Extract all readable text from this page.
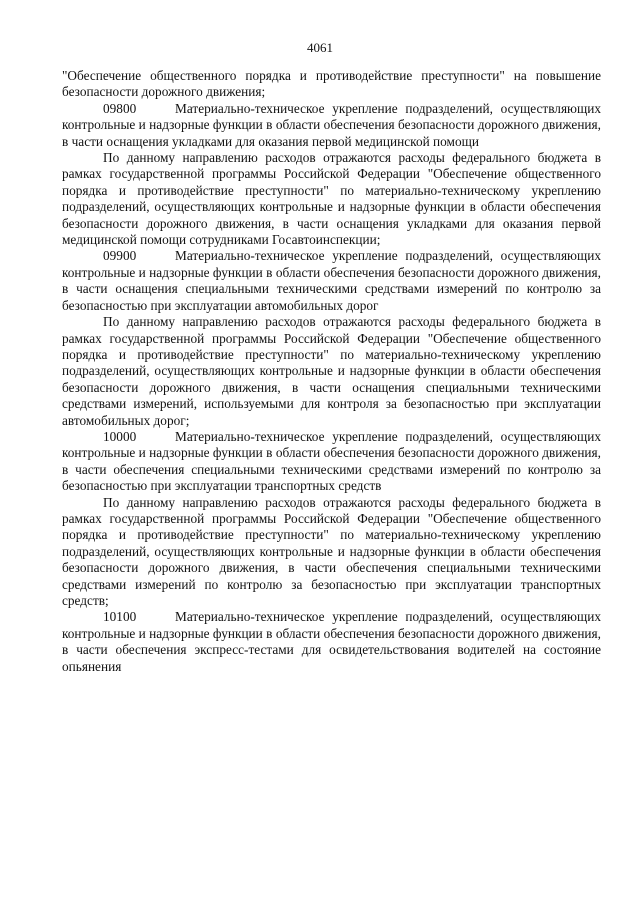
4061

"Обеспечение общественного порядка и противодействие преступности" на повышение безопасности дорожного движения;

09800	Материально-техническое укрепление подразделений, осуществляющих контрольные и надзорные функции в области обеспечения безопасности дорожного движения, в части оснащения укладками для оказания первой медицинской помощи

По данному направлению расходов отражаются расходы федерального бюджета в рамках государственной программы Российской Федерации "Обеспечение общественного порядка и противодействие преступности" по материально-техническому укреплению подразделений, осуществляющих контрольные и надзорные функции в области обеспечения безопасности дорожного движения, в части оснащения укладками для оказания первой медицинской помощи сотрудниками Госавтоинспекции;

09900	Материально-техническое укрепление подразделений, осуществляющих контрольные и надзорные функции в области обеспечения безопасности дорожного движения, в части оснащения специальными техническими средствами измерений по контролю за безопасностью при эксплуатации автомобильных дорог

По данному направлению расходов отражаются расходы федерального бюджета в рамках государственной программы Российской Федерации "Обеспечение общественного порядка и противодействие преступности" по материально-техническому укреплению подразделений, осуществляющих контрольные и надзорные функции в области обеспечения безопасности дорожного движения, в части оснащения специальными техническими средствами измерений, используемыми для контроля за безопасностью при эксплуатации автомобильных дорог;

10000	Материально-техническое укрепление подразделений, осуществляющих контрольные и надзорные функции в области обеспечения безопасности дорожного движения, в части обеспечения специальными техническими средствами измерений по контролю за безопасностью при эксплуатации транспортных средств

По данному направлению расходов отражаются расходы федерального бюджета в рамках государственной программы Российской Федерации "Обеспечение общественного порядка и противодействие преступности" по материально-техническому укреплению подразделений, осуществляющих контрольные и надзорные функции в области обеспечения безопасности дорожного движения, в части обеспечения специальными техническими средствами измерений по контролю за безопасностью при эксплуатации транспортных средств;

10100	Материально-техническое укрепление подразделений, осуществляющих контрольные и надзорные функции в области обеспечения безопасности дорожного движения, в части обеспечения экспресс-тестами для освидетельствования водителей на состояние опьянения
